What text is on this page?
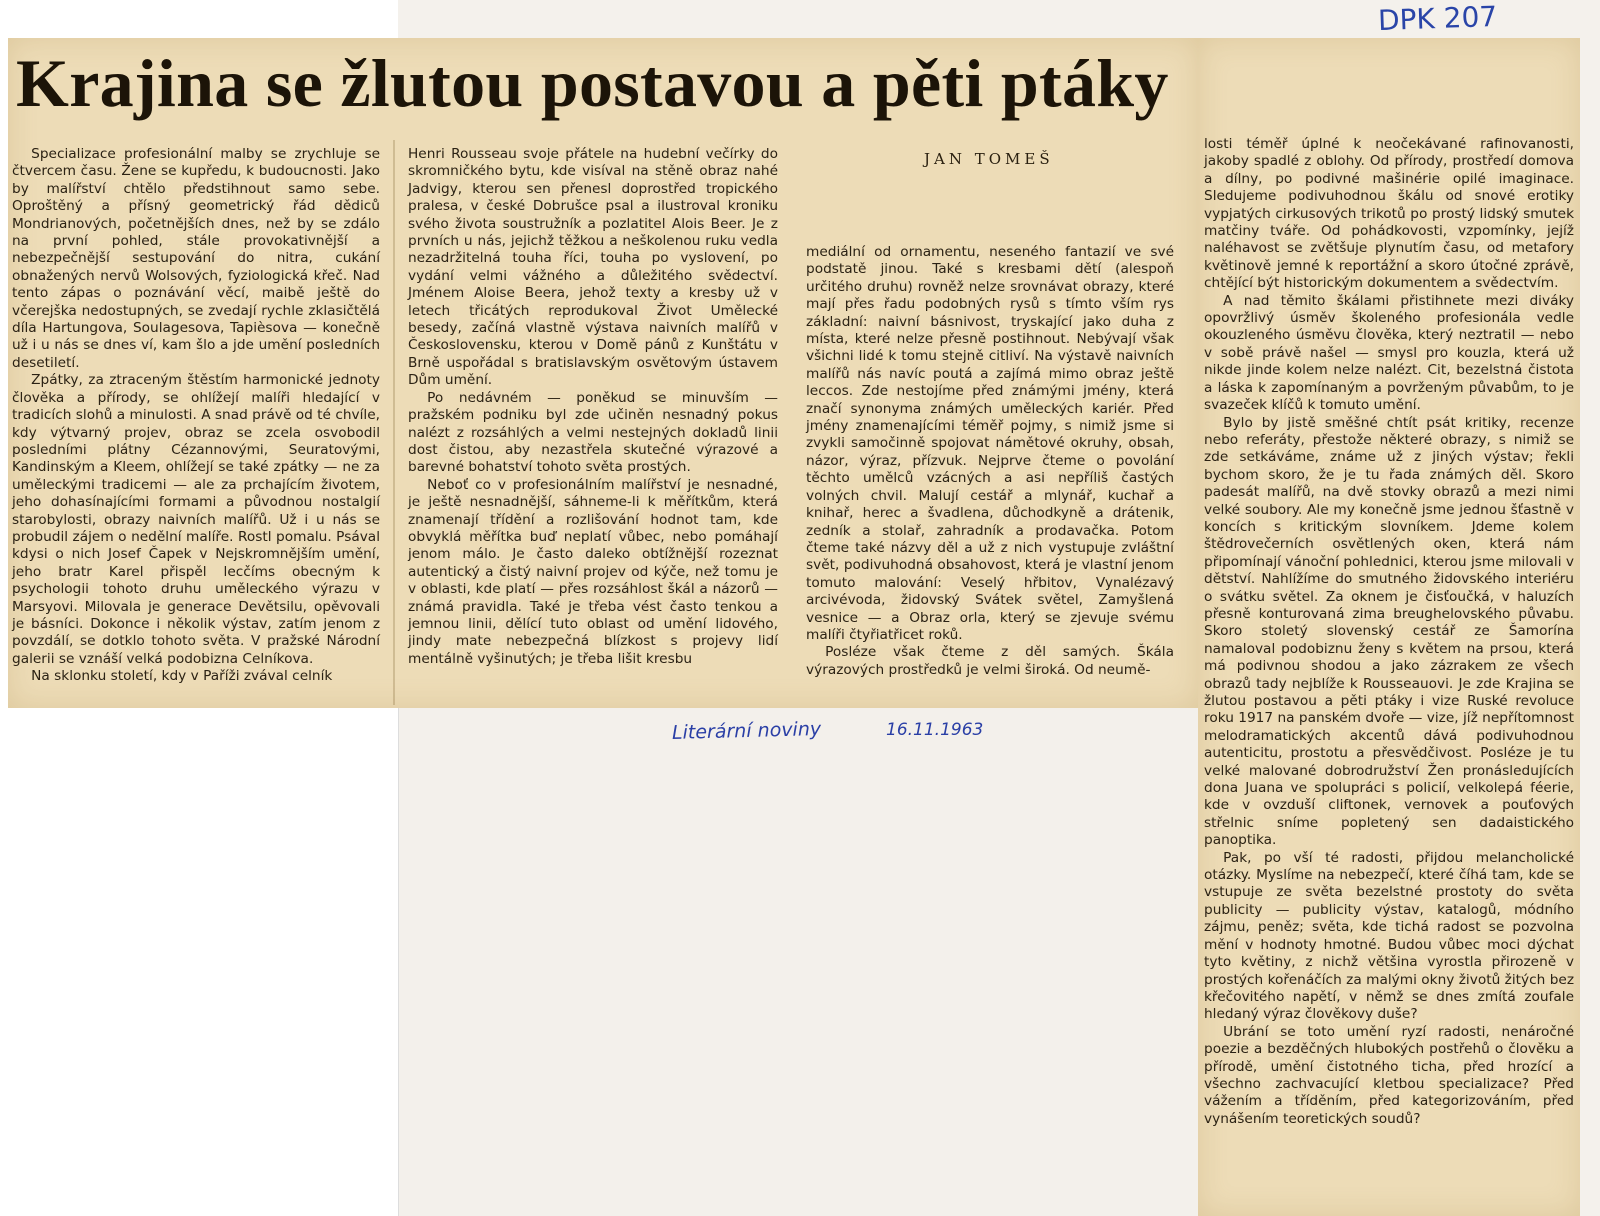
DPK 207
Krajina se žlutou postavou a pěti ptáky
JAN TOMEŠ

Specializace profesionální malby se zrychluje se čtvercem času. Žene se kupředu, k budoucnosti. Jako by malířství chtělo předstihnout samo sebe. Oproštěný a přísný geometrický řád dědiců Mondrianových, početnějších dnes, než by se zdálo na první pohled, stále provokativnější a nebezpečnější sestupování do nitra, cukání obnažených nervů Wolsových, fyziologická křeč. Nad tento zápas o poznávání věcí, maibě ještě do včerejška nedostupných, se zvedají rychle zklasičtělá díla Hartungova, Soulagesova, Tapièsova — konečně už i u nás se dnes ví, kam šlo a jde umění posledních desetiletí.

Zpátky, za ztraceným štěstím harmonické jednoty člověka a přírody, se ohlížejí malíři hledající v tradicích slohů a minulosti. A snad právě od té chvíle, kdy výtvarný projev, obraz se zcela osvobodil posledními plátny Cézannovými, Seuratovými, Kandinským a Kleem, ohlížejí se také zpátky — ne za uměleckými tradicemi — ale za prchajícím životem, jeho dohasínajícími formami a původnou nostalgií starobylosti, obrazy naivních malířů. Už i u nás se probudil zájem o nedělní malíře. Rostl pomalu. Psával kdysi o nich Josef Čapek v Nejskromnějším umění, jeho bratr Karel přispěl lecčíms obecným k psychologii tohoto druhu uměleckého výrazu v Marsyovi. Milovala je generace Devětsilu, opěvovali je básníci. Dokonce i několik výstav, zatím jenom z povzdálí, se dotklo tohoto světa. V pražské Národní galerii se vznáší velká podobizna Celníkova.

Na sklonku století, kdy v Paříži zvával celník

Henri Rousseau svoje přátele na hudební večírky do skromničkého bytu, kde visíval na stěně obraz nahé Jadvigy, kterou sen přenesl doprostřed tropického pralesa, v české Dobrušce psal a ilustroval kroniku svého života soustružník a pozlatitel Alois Beer. Je z prvních u nás, jejichž těžkou a neškolenou ruku vedla nezadržitelná touha říci, touha po vyslovení, po vydání velmi vážného a důležitého svědectví. Jménem Aloise Beera, jehož texty a kresby už v letech třicátých reprodukoval Život Umělecké besedy, začíná vlastně výstava naivních malířů v Československu, kterou v Domě pánů z Kunštátu v Brně uspořádal s bratislavským osvětovým ústavem Dům umění.

Po nedávném — poněkud se minuvším — pražském podniku byl zde učiněn nesnadný pokus nalézt z rozsáhlých a velmi nestejných dokladů linii dost čistou, aby nezastřela skutečné výrazové a barevné bohatství tohoto světa prostých.

Neboť co v profesionálním malířství je nesnadné, je ještě nesnadnější, sáhneme-li k měřítkům, která znamenají třídění a rozlišování hodnot tam, kde obvyklá měřítka buď neplatí vůbec, nebo pomáhají jenom málo. Je často daleko obtížnější rozeznat autentický a čistý naivní projev od kýče, než tomu je v oblasti, kde platí — přes rozsáhlost škál a názorů — známá pravidla. Také je třeba vést často tenkou a jemnou linii, dělící tuto oblast od umění lidového, jindy mate nebezpečná blízkost s projevy lidí mentálně vyšinutých; je třeba lišit kresbu

mediální od ornamentu, neseného fantazií ve své podstatě jinou. Také s kresbami dětí (alespoň určitého druhu) rovněž nelze srovnávat obrazy, které mají přes řadu podobných rysů s tímto vším rys základní: naivní básnivost, tryskající jako duha z místa, které nelze přesně postihnout. Nebývají však všichni lidé k tomu stejně citliví. Na výstavě naivních malířů nás navíc poutá a zajímá mimo obraz ještě leccos. Zde nestojíme před známými jmény, která značí synonyma známých uměleckých kariér. Před jmény znamenajícími téměř pojmy, s nimiž jsme si zvykli samočinně spojovat námětové okruhy, obsah, názor, výraz, přízvuk. Nejprve čteme o povolání těchto umělců vzácných a asi nepříliš častých volných chvil. Malují cestář a mlynář, kuchař a knihař, herec a švadlena, důchodkyně a drátenik, zedník a stolař, zahradník a prodavačka. Potom čteme také názvy děl a už z nich vystupuje zvláštní svět, podivuhodná obsahovost, která je vlastní jenom tomuto malování: Veselý hřbitov, Vynalézavý arcivévoda, židovský Svátek světel, Zamyšlená vesnice — a Obraz orla, který se zjevuje svému malíři čtyřiatřicet roků.

Posléze však čteme z děl samých. Škála výrazových prostředků je velmi široká. Od neumě-

losti téměř úplné k neočekávané rafinovanosti, jakoby spadlé z oblohy. Od přírody, prostředí domova a dílny, po podivné mašinérie opilé imaginace. Sledujeme podivuhodnou škálu od snové erotiky vypjatých cirkusových trikotů po prostý lidský smutek matčiny tváře. Od pohádkovosti, vzpomínky, jejíž naléhavost se zvětšuje plynutím času, od metafory květinově jemné k reportážní a skoro útočné zprávě, chtějící být historickým dokumentem a svědectvím.

A nad těmito škálami přistihnete mezi diváky opovržlivý úsměv školeného profesionála vedle okouzleného úsměvu člověka, který neztratil — nebo v sobě právě našel — smysl pro kouzla, která už nikde jinde kolem nelze nalézt. Cit, bezelstná čistota a láska k zapomínaným a povrženým půvabům, to je svazeček klíčů k tomuto umění.

Bylo by jistě směšné chtít psát kritiky, recenze nebo referáty, přestože některé obrazy, s nimiž se zde setkáváme, známe už z jiných výstav; řekli bychom skoro, že je tu řada známých děl. Skoro padesát malířů, na dvě stovky obrazů a mezi nimi velké soubory. Ale my konečně jsme jednou šťastně v koncích s kritickým slovníkem. Jdeme kolem štědrovečerních osvětlených oken, která nám připomínají vánoční pohlednici, kterou jsme milovali v dětství. Nahlížíme do smutného židovského interiéru o svátku světel. Za oknem je čisťoučká, v haluzích přesně konturovaná zima breughelovského půvabu. Skoro stoletý slovenský cestář ze Šamorína namaloval podobiznu ženy s květem na prsou, která má podivnou shodou a jako zázrakem ze všech obrazů tady nejblíže k Rousseauovi. Je zde Krajina se žlutou postavou a pěti ptáky i vize Ruské revoluce roku 1917 na panském dvoře — vize, jíž nepřítomnost melodramatických akcentů dává podivuhodnou autenticitu, prostotu a přesvědčivost. Posléze je tu velké malované dobrodružství Žen pronásledujících dona Juana ve spolupráci s policií, velkolepá féerie, kde v ovzduší cliftonek, vernovek a pouťových střelnic snímе popletený sen dadaistického panoptika.

Pak, po vší té radosti, přijdou melancholické otázky. Myslíme na nebezpečí, které číhá tam, kde se vstupuje ze světa bezelstné prostoty do světa publicity — publicity výstav, katalogů, módního zájmu, peněz; světa, kde tichá radost se pozvolna mění v hodnoty hmotné. Budou vůbec moci dýchat tyto květiny, z nichž většina vyrostla přirozeně v prostých kořenáčích za malými okny životů žitých bez křečovitého napětí, v němž se dnes zmítá zoufale hledaný výraz člověkovy duše?

Ubrání se toto umění ryzí radosti, nenáročné poezie a bezděčných hlubokých postřehů o člověku a přírodě, umění čistotného ticha, před hrozící a všechno zachvacující kletbou specializace? Před vážením a tříděním, před kategorizováním, před vynášením teoretických soudů?

Literární noviny	16.11.1963
